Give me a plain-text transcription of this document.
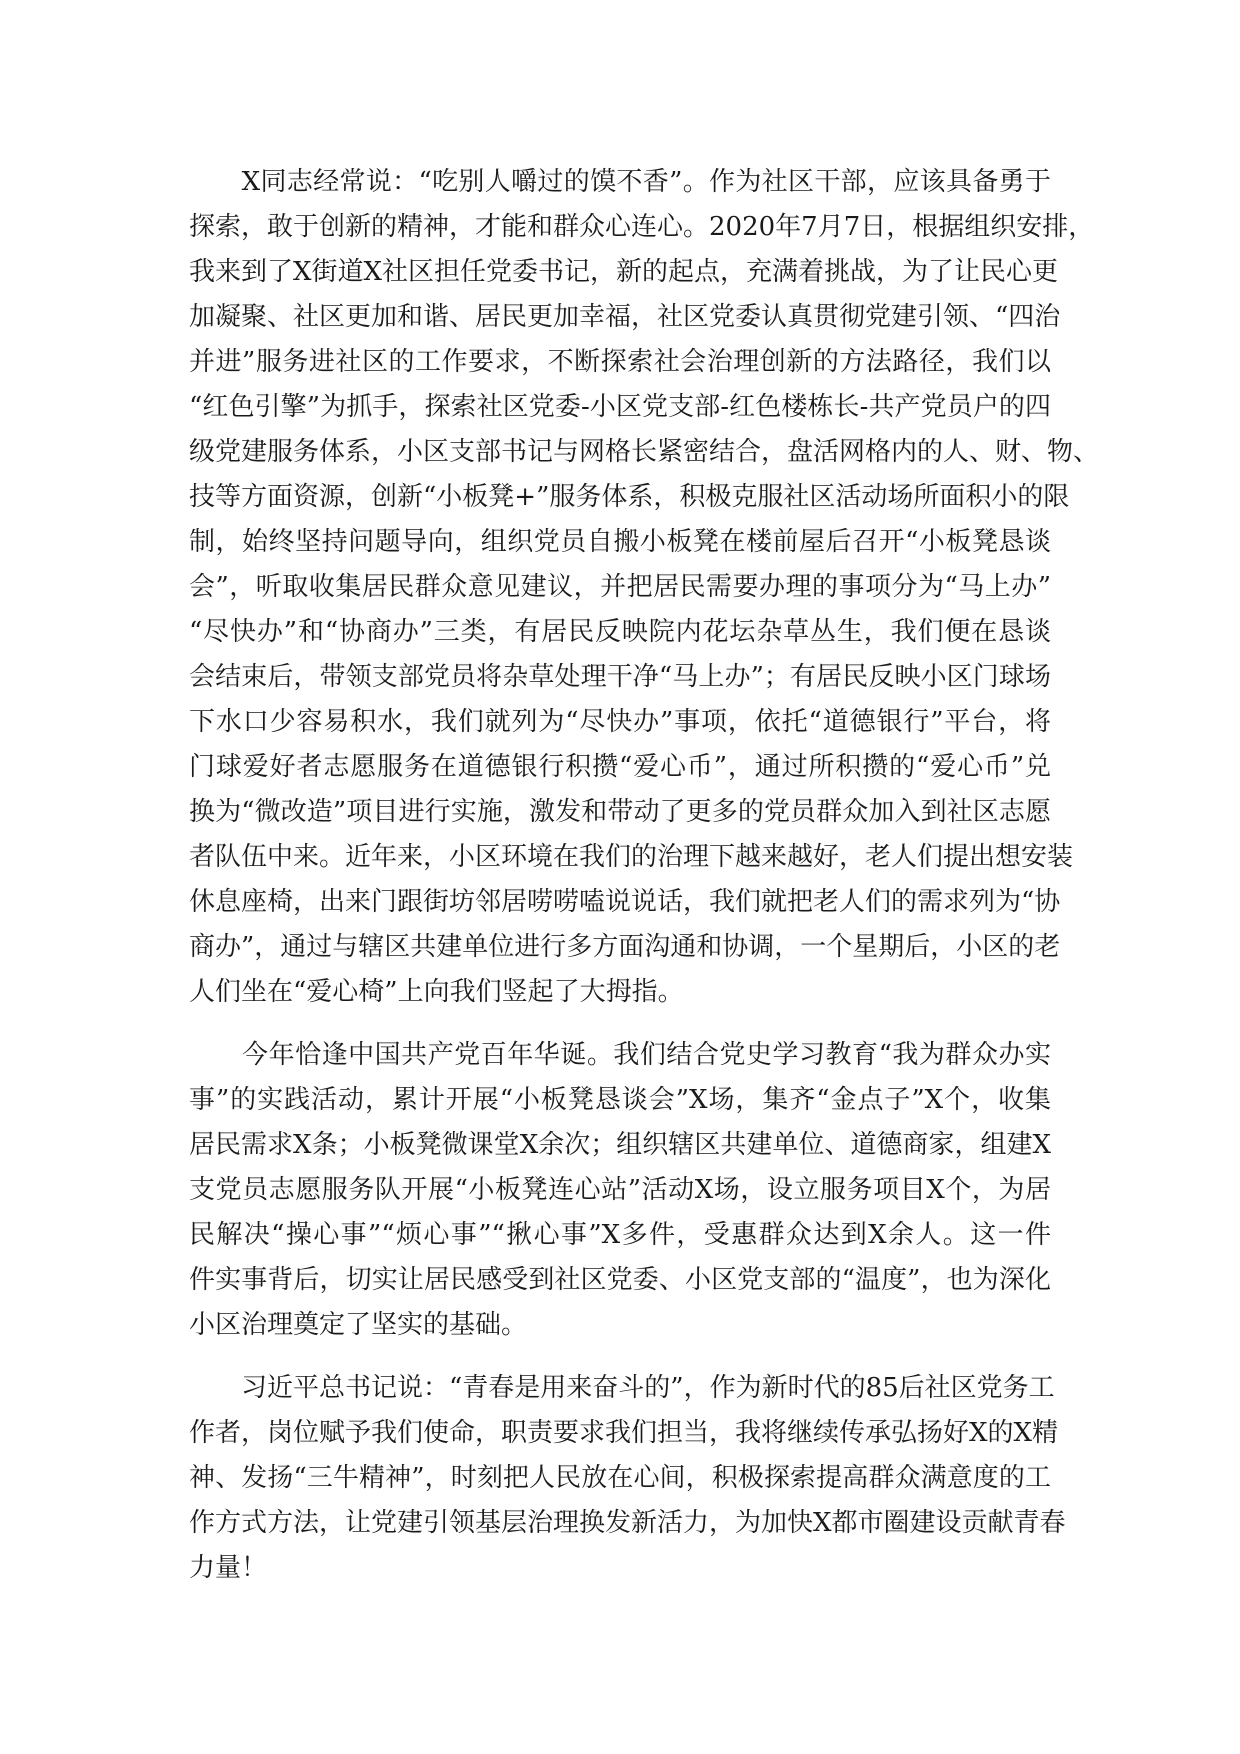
　　X同志经常说：“吃别人嚼过的馍不香”。作为社区干部，应该具备勇于
探索，敢于创新的精神，才能和群众心连心。2020年7月7日，根据组织安排，
我来到了X街道X社区担任党委书记，新的起点，充满着挑战，为了让民心更
加凝聚、社区更加和谐、居民更加幸福，社区党委认真贯彻党建引领、“四治
并进”服务进社区的工作要求，不断探索社会治理创新的方法路径，我们以
“红色引擎”为抓手，探索社区党委-小区党支部-红色楼栋长-共产党员户的四
级党建服务体系，小区支部书记与网格长紧密结合，盘活网格内的人、财、物、
技等方面资源，创新“小板凳+”服务体系，积极克服社区活动场所面积小的限
制，始终坚持问题导向，组织党员自搬小板凳在楼前屋后召开“小板凳恳谈
会”，听取收集居民群众意见建议，并把居民需要办理的事项分为“马上办”
“尽快办”和“协商办”三类，有居民反映院内花坛杂草丛生，我们便在恳谈
会结束后，带领支部党员将杂草处理干净“马上办”；有居民反映小区门球场
下水口少容易积水，我们就列为“尽快办”事项，依托“道德银行”平台，将
门球爱好者志愿服务在道德银行积攒“爱心币”，通过所积攒的“爱心币”兑
换为“微改造”项目进行实施，激发和带动了更多的党员群众加入到社区志愿
者队伍中来。近年来，小区环境在我们的治理下越来越好，老人们提出想安装
休息座椅，出来门跟街坊邻居唠唠嗑说说话，我们就把老人们的需求列为“协
商办”，通过与辖区共建单位进行多方面沟通和协调，一个星期后，小区的老
人们坐在“爱心椅”上向我们竖起了大拇指。

　　今年恰逢中国共产党百年华诞。我们结合党史学习教育“我为群众办实
事”的实践活动，累计开展“小板凳恳谈会”X场，集齐“金点子”X个，收集
居民需求X条；小板凳微课堂X余次；组织辖区共建单位、道德商家，组建X
支党员志愿服务队开展“小板凳连心站”活动X场，设立服务项目X个，为居
民解决“操心事”“烦心事”“揪心事”X多件，受惠群众达到X余人。这一件
件实事背后，切实让居民感受到社区党委、小区党支部的“温度”，也为深化
小区治理奠定了坚实的基础。

　　习近平总书记说：“青春是用来奋斗的”，作为新时代的85后社区党务工
作者，岗位赋予我们使命，职责要求我们担当，我将继续传承弘扬好X的X精
神、发扬“三牛精神”，时刻把人民放在心间，积极探索提高群众满意度的工
作方式方法，让党建引领基层治理换发新活力，为加快X都市圈建设贡献青春
力量！
